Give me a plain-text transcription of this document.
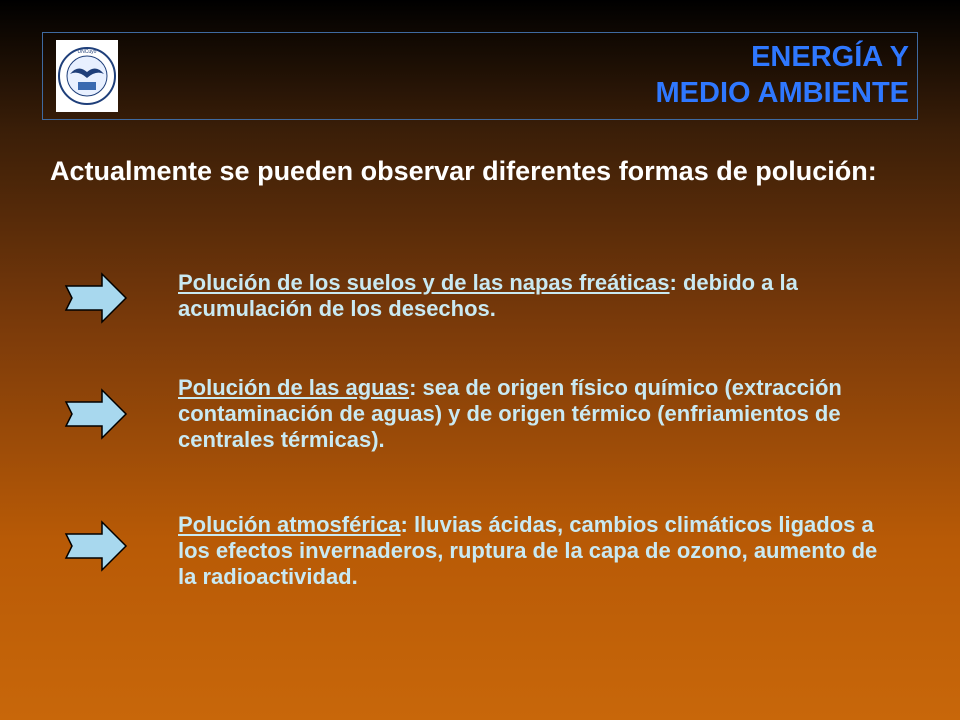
UNCuyo	ENERGÍA Y
MEDIO AMBIENTE
Actualmente se pueden observar diferentes formas de polución:
Polución de los suelos y de las napas freáticas: debido a la acumulación de los desechos.
Polución de las aguas: sea de origen físico químico (extracción contaminación de aguas) y de origen térmico (enfriamientos de centrales térmicas).
Polución atmosférica: lluvias ácidas, cambios climáticos ligados a los efectos invernaderos, ruptura de la capa de ozono, aumento de la radioactividad.
